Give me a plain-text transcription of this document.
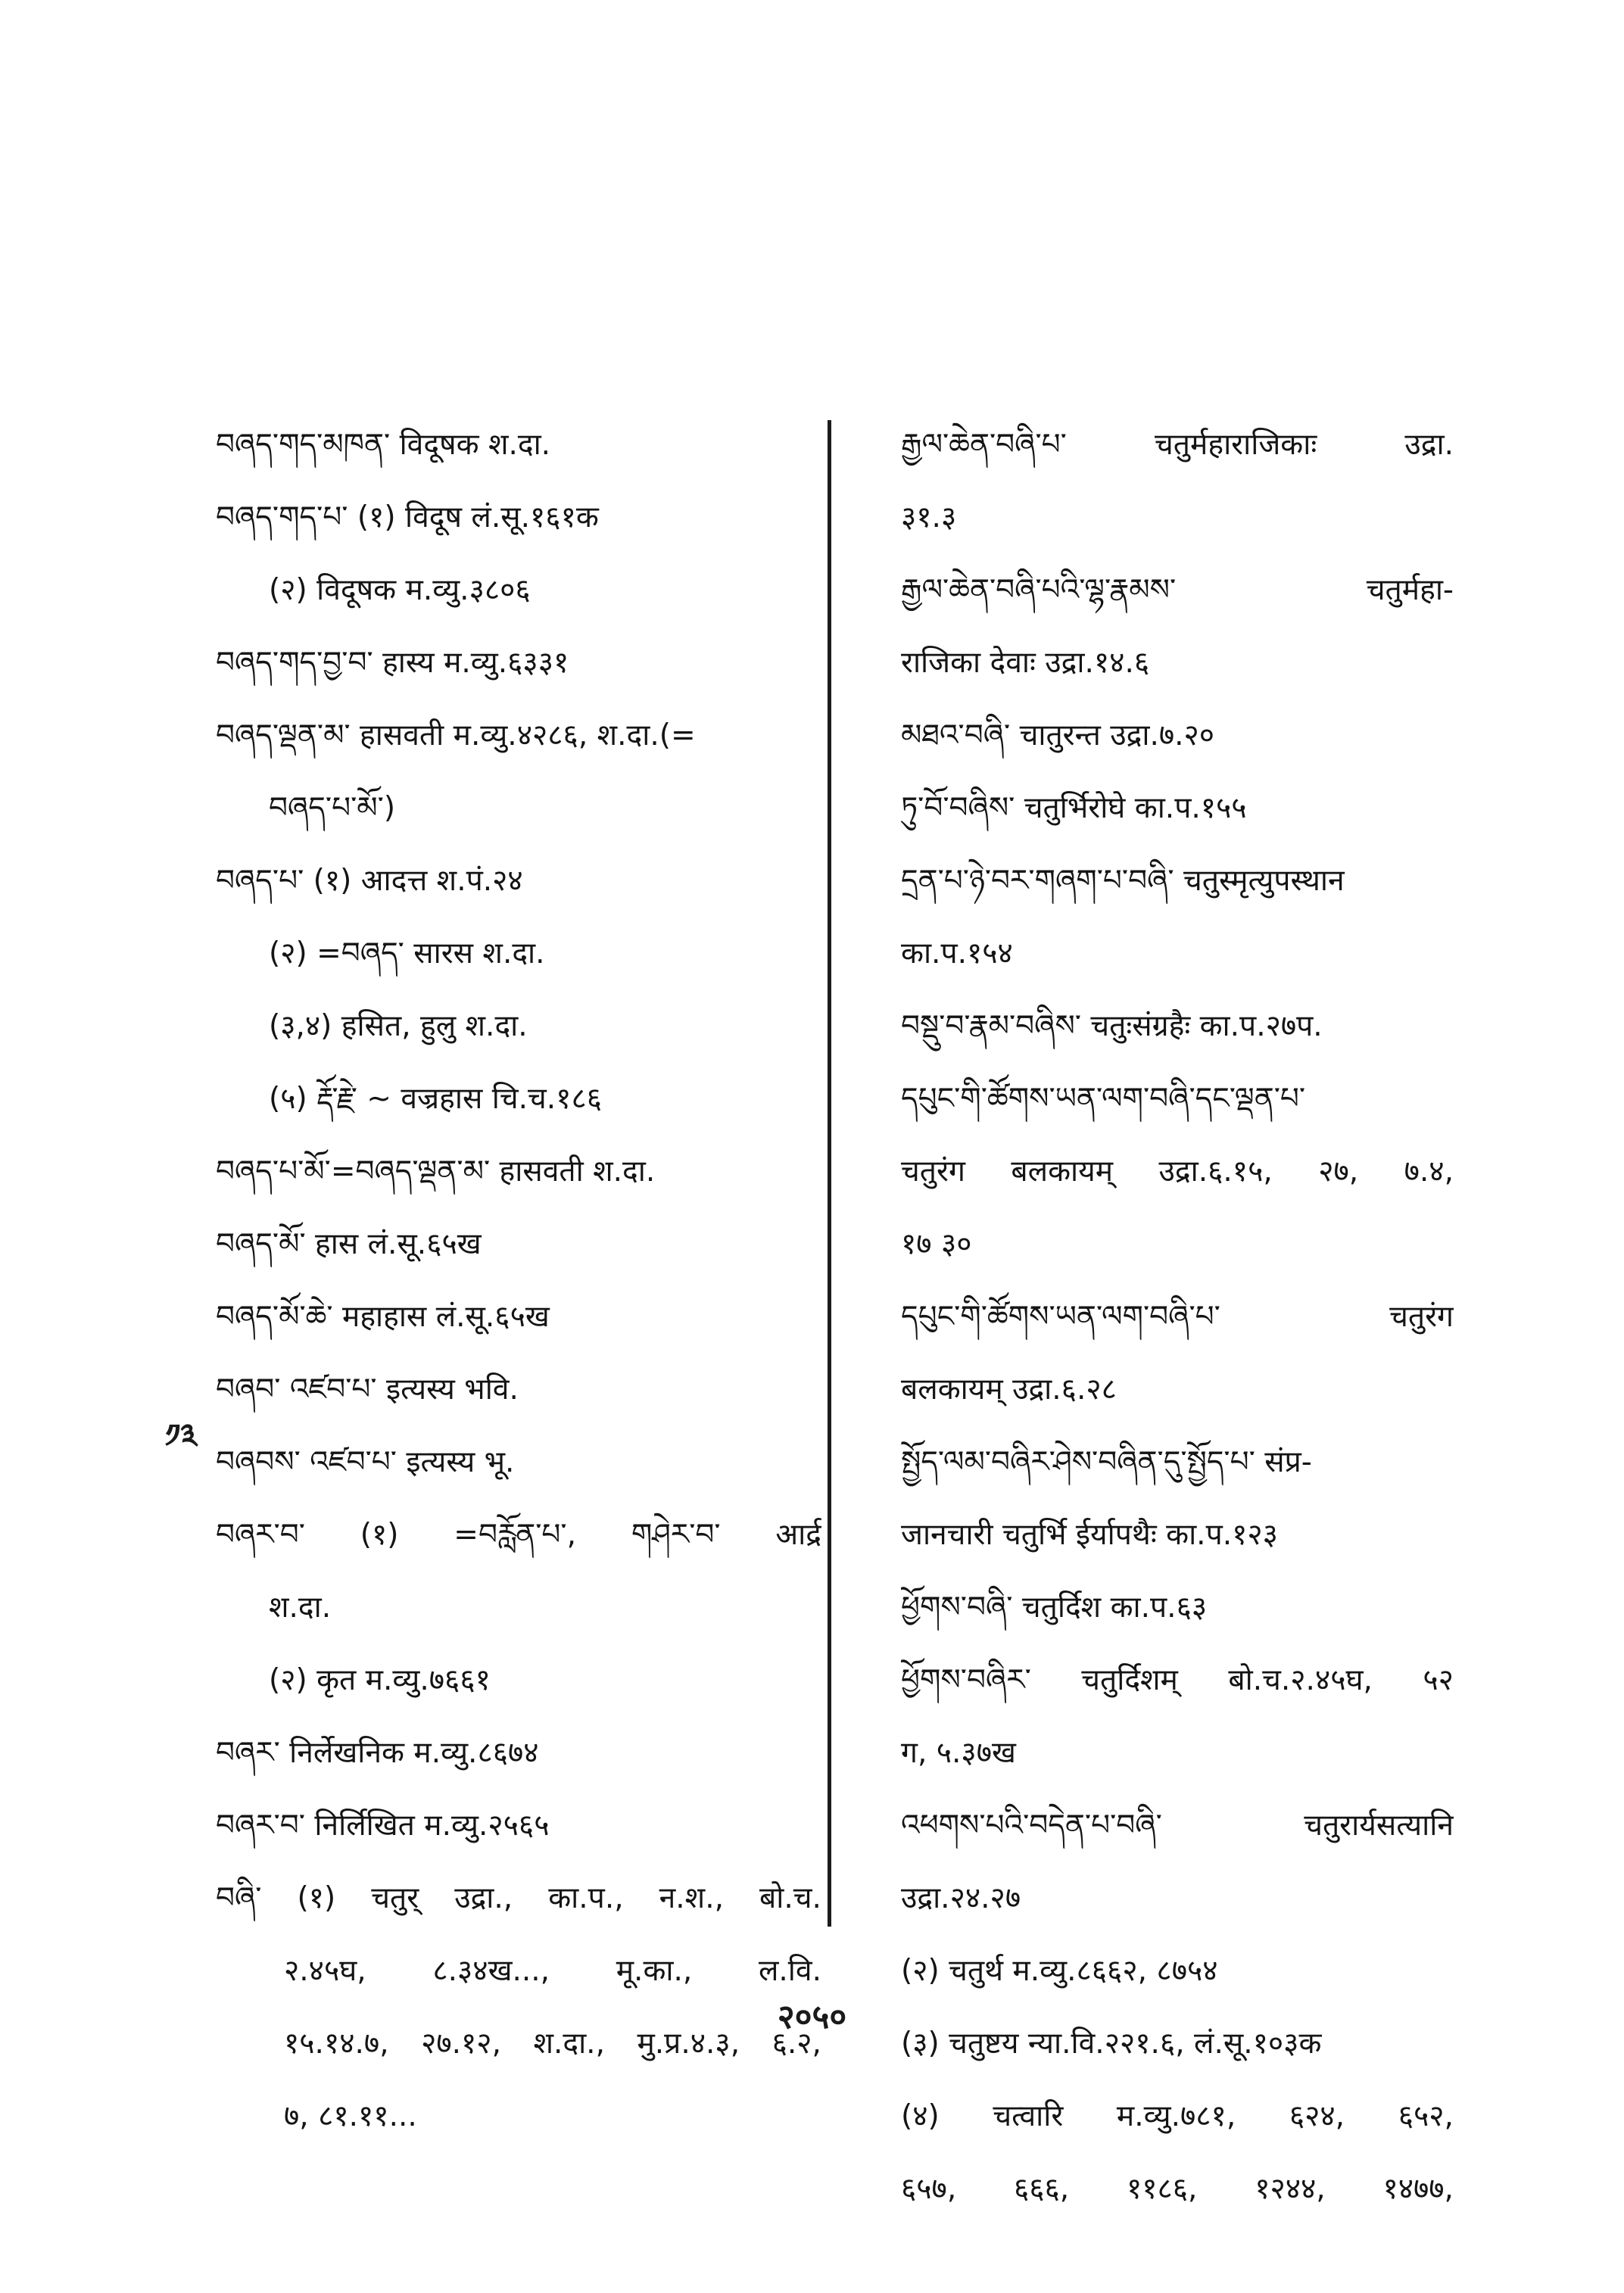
བཞད་གད་མཁན་ विदूषक श.दा.
བཞད་གད་པ་ (१) विदूष लं.सू.१६१क
(२) विदूषक म.व्यु.३८०६
བཞད་གད་བྱ་བ་ हास्य म.व्यु.६३३१
བཞད་ལྡན་མ་ हासवती म.व्यु.४२८६, श.दा.(=
བཞད་པ་མོ་)
བཞད་པ་ (१) आदत्त श.पं.२४
(२) =བཞད་ सारस श.दा.
(३,४) हसित, हुलु श.दा.
(५) རྡོ་རྗེ་ ~ वज्रहास चि.च.१८६
བཞད་པ་མོ་=བཞད་ལྡན་མ་ हासवती श.दा.
བཞད་མོ་ हास लं.सू.६५ख
བཞད་མོ་ཆེ་ महाहास लं.सू.६५ख
བཞབ་ འཛབ་པ་ इत्यस्य भवि.
བཞབས་ འཛབ་པ་ इत्यस्य भू.
བཞར་བ་ (१) =བརློན་པ་, གཤེར་བ་ आर्द्र
श.दा.
(२) कृत म.व्यु.७६६१
བཞར་ निर्लेखनिक म.व्यु.८६७४
བཞར་བ་ निर्लिखित म.व्यु.२५६५
བཞི་ (१) चतुर् उद्रा., का.प., न.श., बो.च.
२.४५घ, ८.३४ख..., मू.का., ल.वि.
१५.१४.७, २७.१२, श.दा., मु.प्र.४.३, ६.२,
७, ८१.११...
རྒྱལ་ཆེན་བཞི་པ་	चतुर्महाराजिकाः	उद्रा.
३१.३
རྒྱལ་ཆེན་བཞི་པའི་ལྷ་རྣམས་	चतुर्महा-
राजिका देवाः उद्रा.१४.६
མཐའ་བཞི་ चातुरन्त उद्रा.७.२०
ཏུ་བོ་བཞིས་ चतुर्भिरोघे का.प.१५५
དྲན་པ་ཉེ་བར་གཞག་པ་བཞི་ चतुस्मृत्युपस्थान
का.प.१५४
བསྡུ་བ་རྣམ་བཞིས་ चतुःसंग्रहैः का.प.२७प.
དཔུང་གི་ཚོགས་ཡན་ལག་བཞི་དང་ལྡན་པ་
चतुरंग बलकायम् उद्रा.६.१५, २७, ७.४,
१७ ३०
དཔུང་གི་ཚོགས་ཡན་ལག་བཞི་པ་	चतुरंग
बलकायम् उद्रा.६.२८
སྤྱོད་ལམ་བཞིར་ཤེས་བཞིན་དུ་སྤྱོད་པ་ संप्र-
जानचारी चतुर्भि ईर्यापथैः का.प.१२३
ཕྱོགས་བཞི་ चतुर्दिश का.प.६३
ཕྱོགས་བཞིར་ चतुर्दिशम् बो.च.२.४५घ, ५२
ग, ५.३७ख
འཕགས་པའི་བདེན་པ་བཞི་	चतुरार्यसत्यानि
उद्रा.२४.२७
(२) चतुर्थ म.व्यु.८६६२, ८७५४
(३) चतुष्टय न्या.वि.२२१.६, लं.सू.१०३क
(४) चत्वारि म.व्यु.७८१, ६२४, ६५२,
६५७, ६६६, ११८६, १२४४, १४७७,
༡༣
२०५०
